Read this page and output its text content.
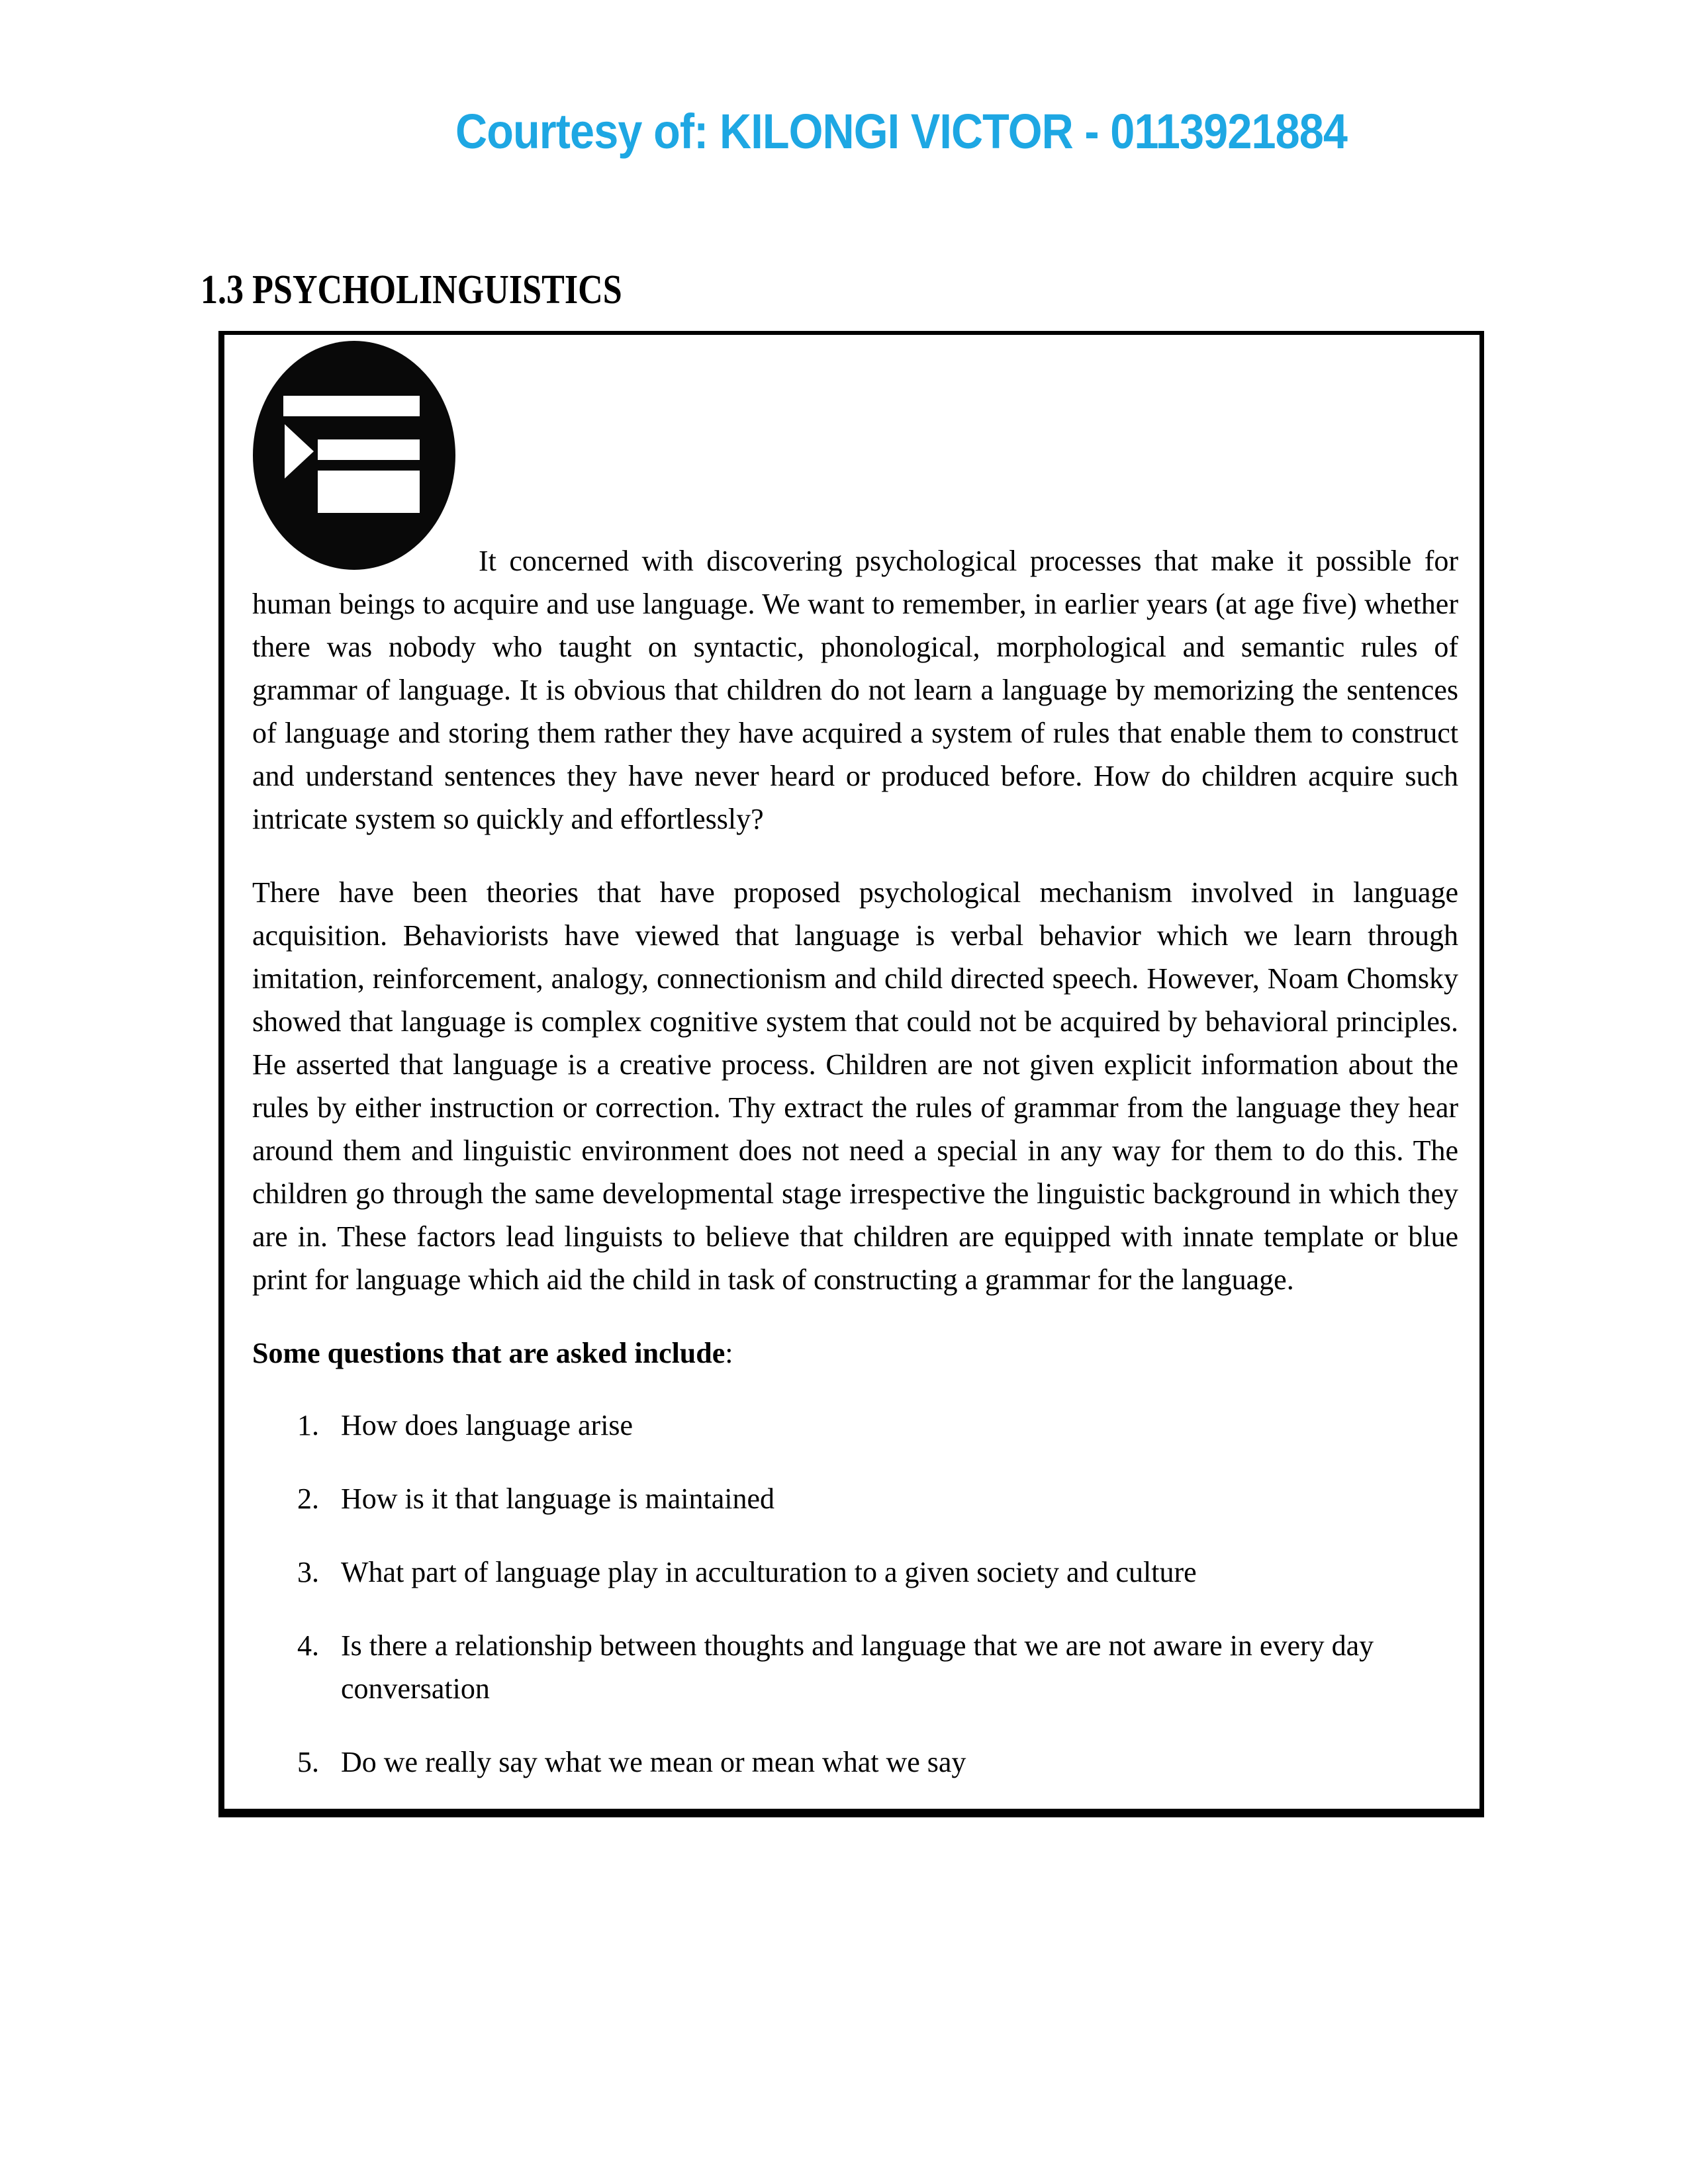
Courtesy of: KILONGI VICTOR - 0113921884
1.3 PSYCHOLINGUISTICS

It concerned with discovering psychological processes that make it possible for human beings to acquire and use language. We want to remember, in earlier years (at age five) whether there was nobody who taught on syntactic, phonological, morphological and semantic rules of grammar of language. It is obvious that children do not learn a language by memorizing the sentences of language and storing them rather they have acquired a system of rules that enable them to construct and understand sentences they have never heard or produced before. How do children acquire such intricate system so quickly and effortlessly?

There have been theories that have proposed psychological mechanism involved in language acquisition. Behaviorists have viewed that language is verbal behavior which we learn through imitation, reinforcement, analogy, connectionism and child directed speech. However, Noam Chomsky showed that language is complex cognitive system that could not be acquired by behavioral principles. He asserted that language is a creative process. Children are not given explicit information about the rules by either instruction or correction. Thy extract the rules of grammar from the language they hear around them and linguistic environment does not need a special in any way for them to do this. The children go through the same developmental stage irrespective the linguistic background in which they are in. These factors lead linguists to believe that children are equipped with innate template or blue print for language which aid the child in task of constructing a grammar for the language.

Some questions that are asked include:

1. How does language arise
2. How is it that language is maintained
3. What part of language play in acculturation to a given society and culture
4. Is there a relationship between thoughts and language that we are not aware in every day conversation
5. Do we really say what we mean or mean what we say
